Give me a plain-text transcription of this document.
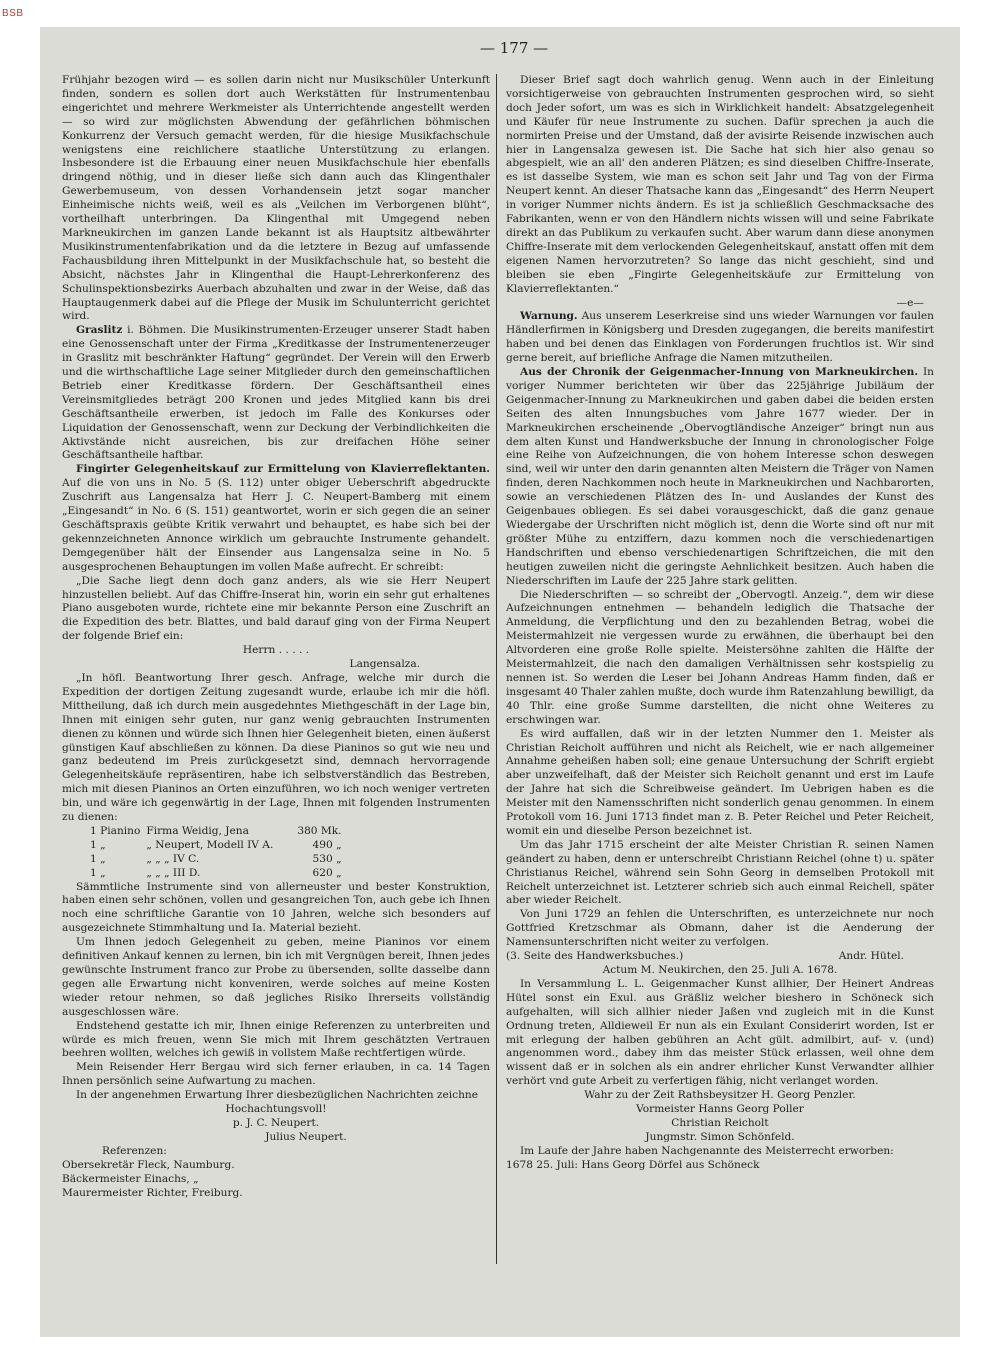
BSB
— 177 —

Frühjahr bezogen wird — es sollen darin nicht nur Musikschüler Unterkunft finden, sondern es sollen dort auch Werkstätten für Instrumentenbau eingerichtet und mehrere Werkmeister als Unterrichtende angestellt werden — so wird zur möglichsten Abwendung der gefährlichen böhmischen Konkurrenz der Versuch gemacht werden, für die hiesige Musikfachschule wenigstens eine reichlichere staatliche Unterstützung zu erlangen. Insbesondere ist die Erbauung einer neuen Musikfachschule hier ebenfalls dringend nöthig, und in dieser ließe sich dann auch das Klingenthaler Gewerbemuseum, von dessen Vorhandensein jetzt sogar mancher Einheimische nichts weiß, weil es als „Veilchen im Verborgenen blüht“, vortheilhaft unterbringen. Da Klingenthal mit Umgegend neben Markneukirchen im ganzen Lande bekannt ist als Hauptsitz altbewährter Musikinstrumentenfabrikation und da die letztere in Bezug auf umfassende Fachausbildung ihren Mittelpunkt in der Musikfachschule hat, so besteht die Absicht, nächstes Jahr in Klingenthal die Haupt-Lehrerkonferenz des Schulinspektionsbezirks Auerbach abzuhalten und zwar in der Weise, daß das Hauptaugenmerk dabei auf die Pflege der Musik im Schulunterricht gerichtet wird.

Graslitz i. Böhmen. Die Musikinstrumenten-Erzeuger unserer Stadt haben eine Genossenschaft unter der Firma „Kreditkasse der Instrumentenerzeuger in Graslitz mit beschränkter Haftung“ gegründet. Der Verein will den Erwerb und die wirthschaftliche Lage seiner Mitglieder durch den gemeinschaftlichen Betrieb einer Kreditkasse fördern. Der Geschäftsantheil eines Vereinsmitgliedes beträgt 200 Kronen und jedes Mitglied kann bis drei Geschäftsantheile erwerben, ist jedoch im Falle des Konkurses oder Liquidation der Genossenschaft, wenn zur Deckung der Verbindlichkeiten die Aktivstände nicht ausreichen, bis zur dreifachen Höhe seiner Geschäftsantheile haftbar.

Fingirter Gelegenheitskauf zur Ermittelung von Klavierreflektanten. Auf die von uns in No. 5 (S. 112) unter obiger Ueberschrift abgedruckte Zuschrift aus Langensalza hat Herr J. C. Neupert-Bamberg mit einem „Eingesandt“ in No. 6 (S. 151) geantwortet, worin er sich gegen die an seiner Geschäftspraxis geübte Kritik verwahrt und behauptet, es habe sich bei der gekennzeichneten Annonce wirklich um gebrauchte Instrumente gehandelt. Demgegenüber hält der Einsender aus Langensalza seine in No. 5 ausgesprochenen Behauptungen im vollen Maße aufrecht. Er schreibt:

„Die Sache liegt denn doch ganz anders, als wie sie Herr Neupert hinzustellen beliebt. Auf das Chiffre-Inserat hin, worin ein sehr gut erhaltenes Piano ausgeboten wurde, richtete eine mir bekannte Person eine Zuschrift an die Expedition des betr. Blattes, und bald darauf ging von der Firma Neupert der folgende Brief ein:

Herrn . . . . .

Langensalza.

„In höfl. Beantwortung Ihrer gesch. Anfrage, welche mir durch die Expedition der dortigen Zeitung zugesandt wurde, erlaube ich mir die höfl. Mittheilung, daß ich durch mein ausgedehntes Miethgeschäft in der Lage bin, Ihnen mit einigen sehr guten, nur ganz wenig gebrauchten Instrumenten dienen zu können und würde sich Ihnen hier Gelegenheit bieten, einen äußerst günstigen Kauf abschließen zu können. Da diese Pianinos so gut wie neu und ganz bedeutend im Preis zurückgesetzt sind, demnach hervorragende Gelegenheitskäufe repräsentiren, habe ich selbstverständlich das Bestreben, mich mit diesen Pianinos an Orten einzuführen, wo ich noch weniger vertreten bin, und wäre ich gegenwärtig in der Lage, Ihnen mit folgenden Instrumenten zu dienen:

1 Pianino	Firma Weidig, Jena	380 Mk.
1 „	„ Neupert, Modell IV A.	490 „
1 „	„ „ „ IV C.	530 „
1 „	„ „ „ III D.	620 „

Sämmtliche Instrumente sind von allerneuster und bester Konstruktion, haben einen sehr schönen, vollen und gesangreichen Ton, auch gebe ich Ihnen noch eine schriftliche Garantie von 10 Jahren, welche sich besonders auf ausgezeichnete Stimmhaltung und Ia. Material bezieht.

Um Ihnen jedoch Gelegenheit zu geben, meine Pianinos vor einem definitiven Ankauf kennen zu lernen, bin ich mit Vergnügen bereit, Ihnen jedes gewünschte Instrument franco zur Probe zu übersenden, sollte dasselbe dann gegen alle Erwartung nicht konveniren, werde solches auf meine Kosten wieder retour nehmen, so daß jegliches Risiko Ihrerseits vollständig ausgeschlossen wäre.

Endstehend gestatte ich mir, Ihnen einige Referenzen zu unterbreiten und würde es mich freuen, wenn Sie mich mit Ihrem geschätzten Vertrauen beehren wollten, welches ich gewiß in vollstem Maße rechtfertigen würde.

Mein Reisender Herr Bergau wird sich ferner erlauben, in ca. 14 Tagen Ihnen persönlich seine Aufwartung zu machen.

In der angenehmen Erwartung Ihrer diesbezüglichen Nachrichten zeichne

Hochachtungsvoll!
p. J. C. Neupert.
Julius Neupert.

Referenzen:

Obersekretär Fleck, Naumburg.

Bäckermeister Einachs, „

Maurermeister Richter, Freiburg.

Dieser Brief sagt doch wahrlich genug. Wenn auch in der Einleitung vorsichtigerweise von gebrauchten Instrumenten gesprochen wird, so sieht doch Jeder sofort, um was es sich in Wirklichkeit handelt: Absatzgelegenheit und Käufer für neue Instrumente zu suchen. Dafür sprechen ja auch die normirten Preise und der Umstand, daß der avisirte Reisende inzwischen auch hier in Langensalza gewesen ist. Die Sache hat sich hier also genau so abgespielt, wie an all' den anderen Plätzen; es sind dieselben Chiffre-Inserate, es ist dasselbe System, wie man es schon seit Jahr und Tag von der Firma Neupert kennt. An dieser Thatsache kann das „Eingesandt“ des Herrn Neupert in voriger Nummer nichts ändern. Es ist ja schließlich Geschmacksache des Fabrikanten, wenn er von den Händlern nichts wissen will und seine Fabrikate direkt an das Publikum zu verkaufen sucht. Aber warum dann diese anonymen Chiffre-Inserate mit dem verlockenden Gelegenheitskauf, anstatt offen mit dem eigenen Namen hervorzutreten? So lange das nicht geschieht, sind und bleiben sie eben „Fingirte Gelegenheitskäufe zur Ermittelung von Klavierreflektanten.“

—e—

Warnung. Aus unserem Leserkreise sind uns wieder Warnungen vor faulen Händlerfirmen in Königsberg und Dresden zugegangen, die bereits manifestirt haben und bei denen das Einklagen von Forderungen fruchtlos ist. Wir sind gerne bereit, auf briefliche Anfrage die Namen mitzutheilen.

Aus der Chronik der Geigenmacher-Innung von Markneukirchen. In voriger Nummer berichteten wir über das 225jährige Jubiläum der Geigenmacher-Innung zu Markneukirchen und gaben dabei die beiden ersten Seiten des alten Innungsbuches vom Jahre 1677 wieder. Der in Markneukirchen erscheinende „Obervogtländische Anzeiger“ bringt nun aus dem alten Kunst und Handwerksbuche der Innung in chronologischer Folge eine Reihe von Aufzeichnungen, die von hohem Interesse schon deswegen sind, weil wir unter den darin genannten alten Meistern die Träger von Namen finden, deren Nachkommen noch heute in Markneukirchen und Nachbarorten, sowie an verschiedenen Plätzen des In- und Auslandes der Kunst des Geigenbaues obliegen. Es sei dabei vorausgeschickt, daß die ganz genaue Wiedergabe der Urschriften nicht möglich ist, denn die Worte sind oft nur mit größter Mühe zu entziffern, dazu kommen noch die verschiedenartigen Handschriften und ebenso verschiedenartigen Schriftzeichen, die mit den heutigen zuweilen nicht die geringste Aehnlichkeit besitzen. Auch haben die Niederschriften im Laufe der 225 Jahre stark gelitten.

Die Niederschriften — so schreibt der „Obervogtl. Anzeig.“, dem wir diese Aufzeichnungen entnehmen — behandeln lediglich die Thatsache der Anmeldung, die Verpflichtung und den zu bezahlenden Betrag, wobei die Meistermahlzeit nie vergessen wurde zu erwähnen, die überhaupt bei den Altvorderen eine große Rolle spielte. Meistersöhne zahlten die Hälfte der Meistermahlzeit, die nach den damaligen Verhältnissen sehr kostspielig zu nennen ist. So werden die Leser bei Johann Andreas Hamm finden, daß er insgesamt 40 Thaler zahlen mußte, doch wurde ihm Ratenzahlung bewilligt, da 40 Thlr. eine große Summe darstellten, die nicht ohne Weiteres zu erschwingen war.

Es wird auffallen, daß wir in der letzten Nummer den 1. Meister als Christian Reicholt aufführen und nicht als Reichelt, wie er nach allgemeiner Annahme geheißen haben soll; eine genaue Untersuchung der Schrift ergiebt aber unzweifelhaft, daß der Meister sich Reicholt genannt und erst im Laufe der Jahre hat sich die Schreibweise geändert. Im Uebrigen haben es die Meister mit den Namensschriften nicht sonderlich genau genommen. In einem Protokoll vom 16. Juni 1713 findet man z. B. Peter Reichel und Peter Reicheit, womit ein und dieselbe Person bezeichnet ist.

Um das Jahr 1715 erscheint der alte Meister Christian R. seinen Namen geändert zu haben, denn er unterschreibt Christiann Reichel (ohne t) u. später Christianus Reichel, während sein Sohn Georg in demselben Protokoll mit Reichelt unterzeichnet ist. Letzterer schrieb sich auch einmal Reichell, später aber wieder Reichelt.

Von Juni 1729 an fehlen die Unterschriften, es unterzeichnete nur noch Gottfried Kretzschmar als Obmann, daher ist die Aenderung der Namensunterschriften nicht weiter zu verfolgen.

(3. Seite des Handwerksbuches.)	Andr. Hütel.

Actum M. Neukirchen, den 25. Juli A. 1678.

In Versammlung L. L. Geigenmacher Kunst allhier, Der Heinert Andreas Hütel sonst ein Exul. aus Gräßliz welcher bieshero in Schöneck sich aufgehalten, will sich allhier nieder Jaßen vnd zugleich mit in die Kunst Ordnung treten, Alldieweil Er nun als ein Exulant Considerirt worden, Ist er mit erlegung der halben gebühren an Acht gült. admilbirt, auf- v. (und) angenommen word., dabey ihm das meister Stück erlassen, weil ohne dem wissent daß er in solchen als ein andrer ehrlicher Kunst Verwandter allhier verhört vnd gute Arbeit zu verfertigen fähig, nicht verlanget worden.

Wahr zu der Zeit Rathsbeysitzer H. Georg Penzler.

Vormeister Hanns Georg Poller

Christian Reicholt

Jungmstr. Simon Schönfeld.

Im Laufe der Jahre haben Nachgenannte des Meisterrecht erworben:

1678 25. Juli: Hans Georg Dörfel aus Schöneck
